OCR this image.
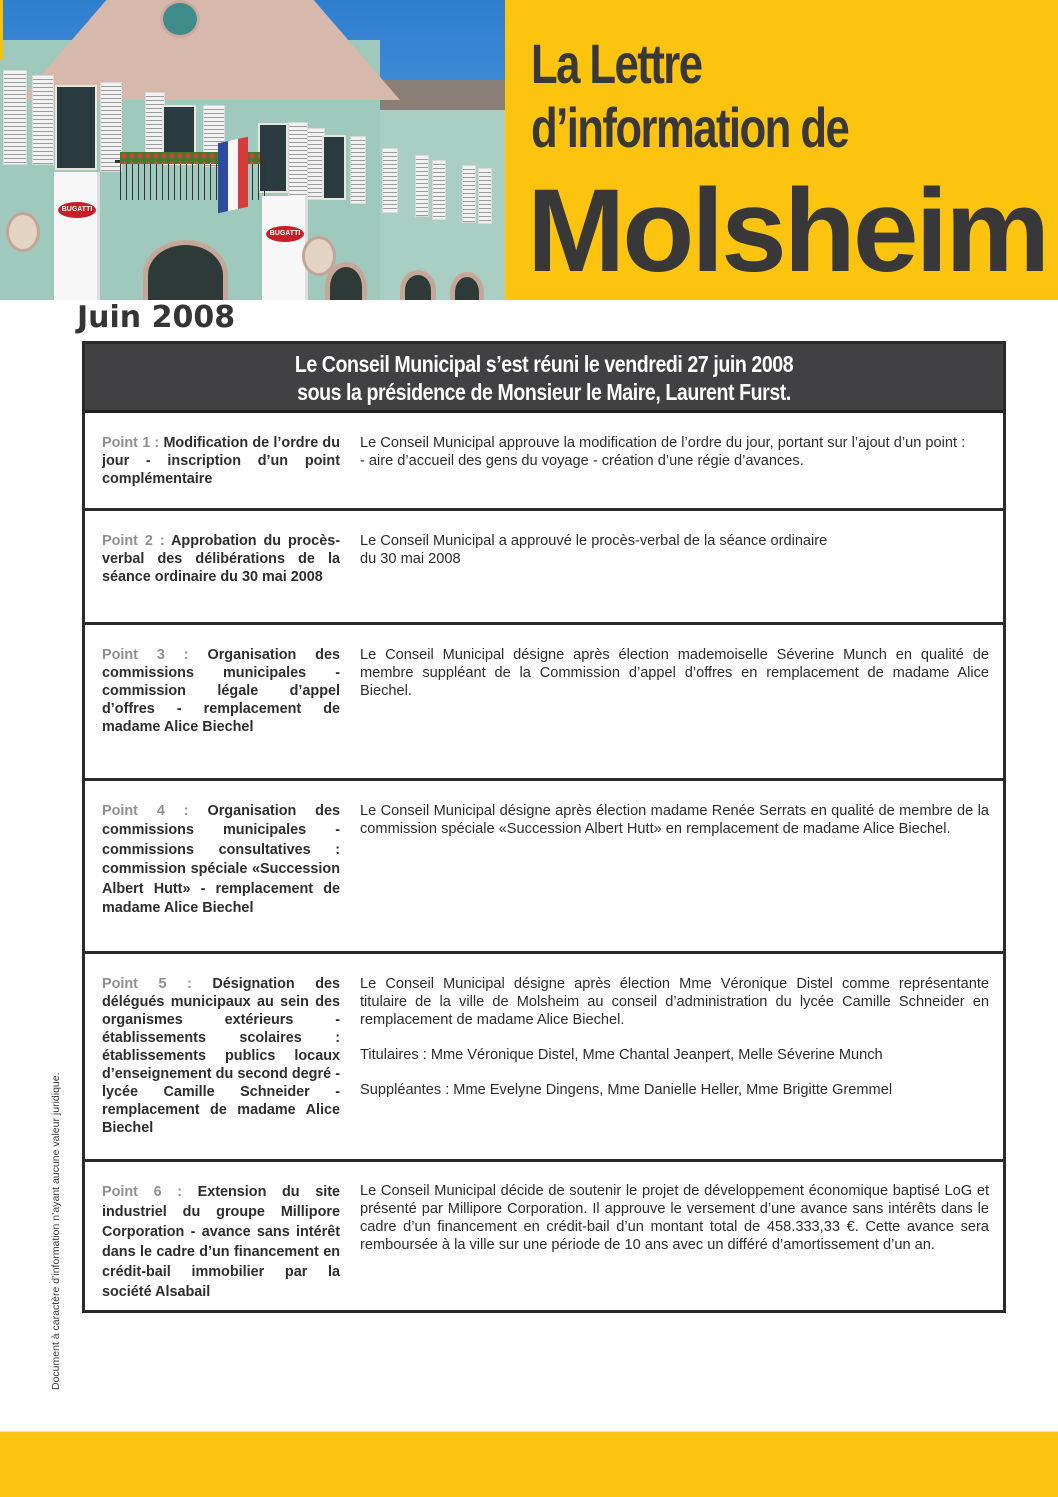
BUGATTI
BUGATTI
La Lettre
d’information de
Molsheim
Juin 2008
Le Conseil Municipal s’est réuni le vendredi 27 juin 2008
sous la présidence de Monsieur le Maire, Laurent Furst.
Point 1 : Modification de l’ordre du jour - inscription d’un point complémentaire

Le Conseil Municipal approuve la modification de l’ordre du jour, portant sur l’ajout d’un point :

- aire d’accueil des gens du voyage - création d’une régie d’avances.

Point 2 : Approbation du procès-verbal des délibérations de la séance ordinaire du 30 mai 2008

Le Conseil Municipal a approuvé le procès-verbal de la séance ordinaire

du 30 mai 2008

Point 3 : Organisation des commissions municipales - commission légale d’appel d’offres - remplacement de madame Alice Biechel

Le Conseil Municipal désigne après élection mademoiselle Séverine Munch en qualité de membre suppléant de la Commission d’appel d’offres en remplacement de madame Alice Biechel.

Point 4 : Organisation des commissions municipales - commissions consultatives : commission spéciale «Succession Albert Hutt» - remplacement de madame Alice Biechel

Le Conseil Municipal désigne après élection madame Renée Serrats en qualité de membre de la commission spéciale «Succession Albert Hutt» en remplacement de madame Alice Biechel.

Point 5 : Désignation des délégués municipaux au sein des organismes extérieurs - établissements scolaires : établissements publics locaux d’enseignement du second degré - lycée Camille Schneider - remplacement de madame Alice Biechel

Le Conseil Municipal désigne après élection Mme Véronique Distel comme représentante titulaire de la ville de Molsheim au conseil d’administration du lycée Camille Schneider en remplacement de madame Alice Biechel.

Titulaires : Mme Véronique Distel, Mme Chantal Jeanpert, Melle Séverine Munch

Suppléantes : Mme Evelyne Dingens, Mme Danielle Heller, Mme Brigitte Gremmel

Point 6 : Extension du site industriel du groupe Millipore Corporation - avance sans intérêt dans le cadre d’un financement en crédit-bail immobilier par la société Alsabail

Le Conseil Municipal décide de soutenir le projet de développement économique baptisé LoG et présenté par Millipore Corporation. Il approuve le versement d’une avance sans intérêts dans le cadre d’un financement en crédit-bail d’un montant total de 458.333,33 €. Cette avance sera remboursée à la ville sur une période de 10 ans avec un différé d’amortissement d’un an.

Document à caractère d’information n’ayant aucune valeur juridique.
